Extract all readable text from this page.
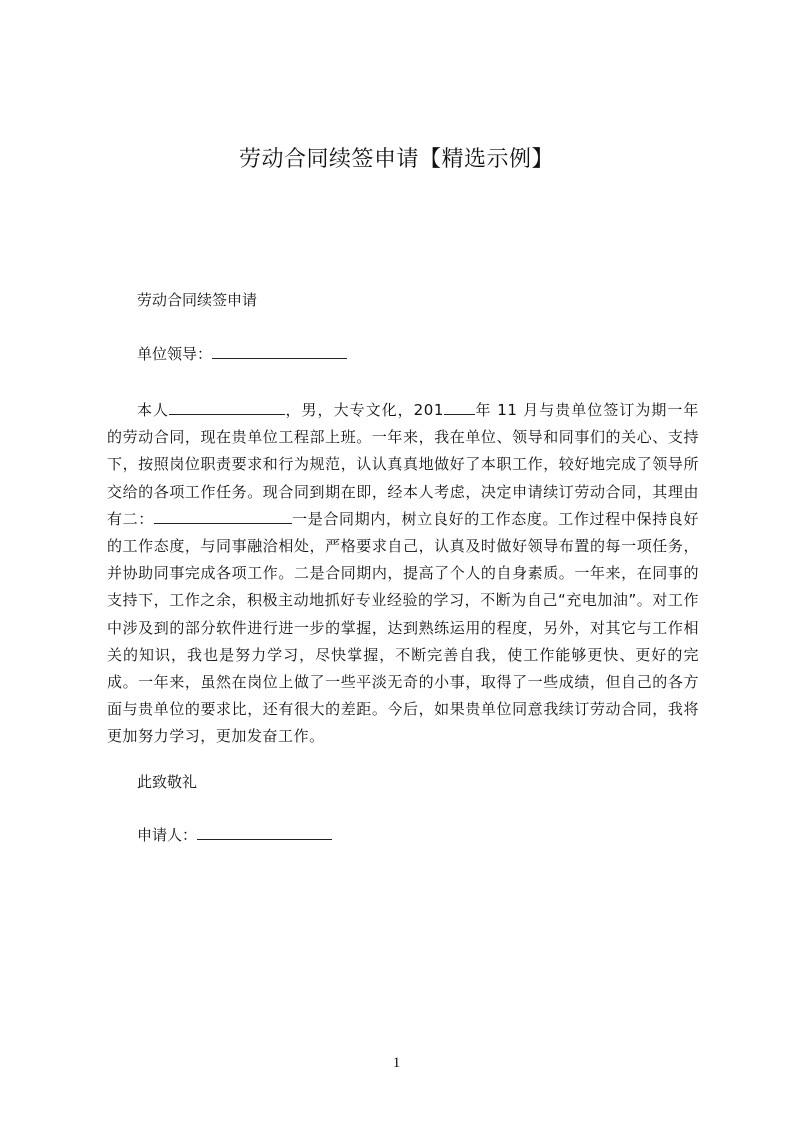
劳动合同续签申请【精选示例】
劳动合同续签申请
单位领导：

本人	，男，大专文化，201 年 11 月与贵单位签订为期一年的劳动合同，现在贵单位工程部上班。一年来，我在单位、领导和同事们的关心、支持下，按照岗位职责要求和行为规范，认认真真地做好了本职工作，较好地完成了领导所交给的各项工作任务。现合同到期在即，经本人考虑，决定申请续订劳动合同，其理由有二：	一是合同期内，树立良好的工作态度。工作过程中保持良好的工作态度，与同事融洽相处，严格要求自己，认真及时做好领导布置的每一项任务，并协助同事完成各项工作。二是合同期内，提高了个人的自身素质。一年来，在同事的支持下，工作之余，积极主动地抓好专业经验的学习，不断为自己“充电加油”。对工作中涉及到的部分软件进行进一步的掌握，达到熟练运用的程度，另外，对其它与工作相关的知识，我也是努力学习，尽快掌握，不断完善自我，使工作能够更快、更好的完成。一年来，虽然在岗位上做了一些平淡无奇的小事，取得了一些成绩，但自己的各方面与贵单位的要求比，还有很大的差距。今后，如果贵单位同意我续订劳动合同，我将更加努力学习，更加发奋工作。

此致敬礼
申请人：
1
